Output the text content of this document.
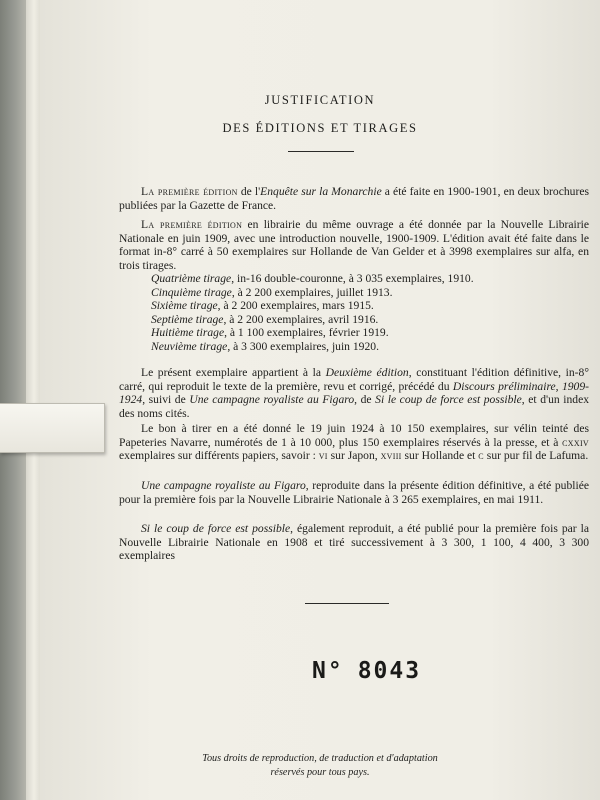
JUSTIFICATION
DES ÉDITIONS ET TIRAGES
La première édition de l'Enquête sur la Monarchie a été faite en 1900-1901, en deux brochures publiées par la Gazette de France.
La première édition en librairie du même ouvrage a été donnée par la Nouvelle Librairie Nationale en juin 1909, avec une introduction nouvelle, 1900-1909. L'édition avait été faite dans le format in-8° carré à 50 exemplaires sur Hollande de Van Gelder et à 3998 exemplaires sur alfa, en trois tirages.
Quatrième tirage, in-16 double-couronne, à 3 035 exemplaires, 1910.
Cinquième tirage, à 2 200 exemplaires, juillet 1913.
Sixième tirage, à 2 200 exemplaires, mars 1915.
Septième tirage, à 2 200 exemplaires, avril 1916.
Huitième tirage, à 1 100 exemplaires, février 1919.
Neuvième tirage, à 3 300 exemplaires, juin 1920.
Le présent exemplaire appartient à la Deuxième édition, constituant l'édition définitive, in-8° carré, qui reproduit le texte de la première, revu et corrigé, précédé du Discours préliminaire, 1909-1924, suivi de Une campagne royaliste au Figaro, de Si le coup de force est possible, et d'un index des noms cités.
Le bon à tirer en a été donné le 19 juin 1924 à 10 150 exemplaires, sur vélin teinté des Papeteries Navarre, numérotés de 1 à 10 000, plus 150 exemplaires réservés à la presse, et à cxxiv exemplaires sur différents papiers, savoir : vi sur Japon, xviii sur Hollande et c sur pur fil de Lafuma.
Une campagne royaliste au Figaro, reproduite dans la présente édition définitive, a été publiée pour la première fois par la Nouvelle Librairie Nationale à 3 265 exemplaires, en mai 1911.
Si le coup de force est possible, également reproduit, a été publié pour la première fois par la Nouvelle Librairie Nationale en 1908 et tiré successivement à 3 300, 1 100, 4 400, 3 300 exemplaires
N° 8043
Tous droits de reproduction, de traduction et d'adaptation
réservés pour tous pays.
